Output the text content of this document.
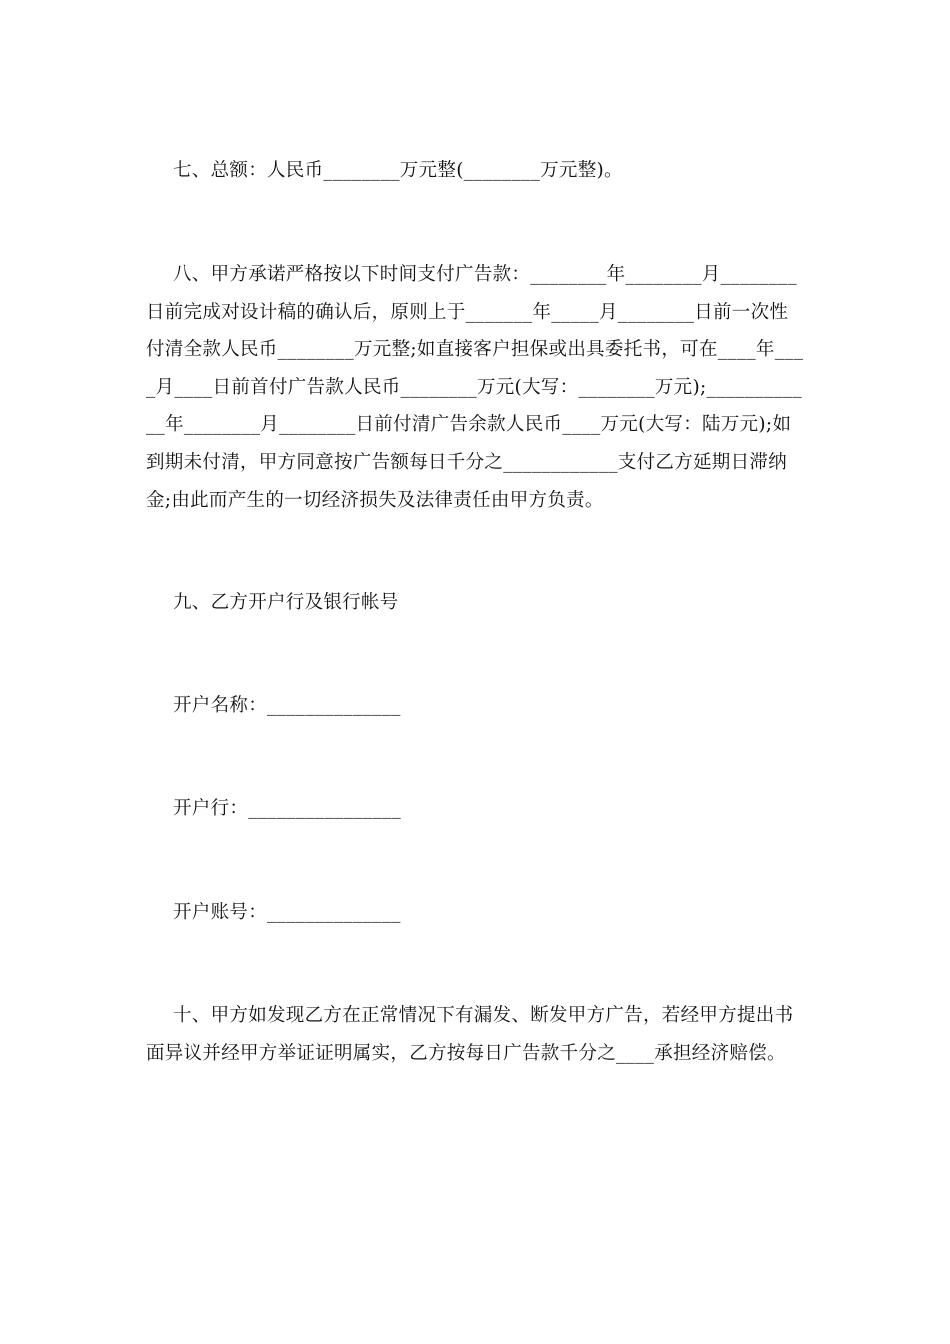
七、总额：人民币________万元整(________万元整)。

八、甲方承诺严格按以下时间支付广告款：________年________月________日前完成对设计稿的确认后，原则上于_______年_____月________日前一次性付清全款人民币________万元整;如直接客户担保或出具委托书，可在____年____月____日前首付广告款人民币________万元(大写：________万元);____________年________月________日前付清广告余款人民币____万元(大写：陆万元);如到期未付清，甲方同意按广告额每日千分之____________支付乙方延期日滞纳金;由此而产生的一切经济损失及法律责任由甲方负责。

九、乙方开户行及银行帐号

开户名称：______________

开户行：________________

开户账号：______________

十、甲方如发现乙方在正常情况下有漏发、断发甲方广告，若经甲方提出书面异议并经甲方举证证明属实，乙方按每日广告款千分之____承担经济赔偿。
